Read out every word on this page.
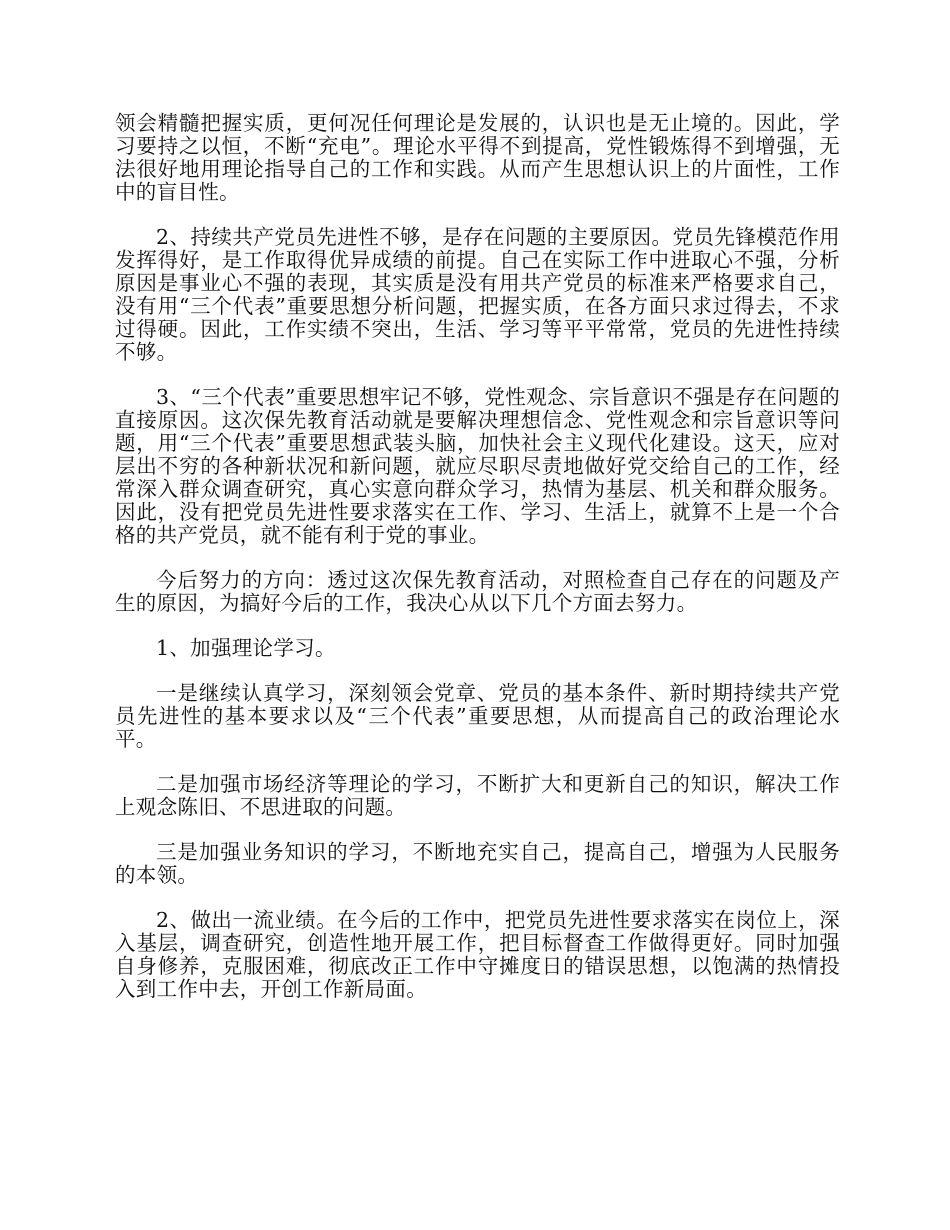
领会精髓把握实质，更何况任何理论是发展的，认识也是无止境的。因此，学习要持之以恒，不断“充电”。理论水平得不到提高，党性锻炼得不到增强，无法很好地用理论指导自己的工作和实践。从而产生思想认识上的片面性，工作中的盲目性。

2、持续共产党员先进性不够，是存在问题的主要原因。党员先锋模范作用发挥得好，是工作取得优异成绩的前提。自己在实际工作中进取心不强，分析原因是事业心不强的表现，其实质是没有用共产党员的标准来严格要求自己，没有用“三个代表”重要思想分析问题，把握实质，在各方面只求过得去，不求过得硬。因此，工作实绩不突出，生活、学习等平平常常，党员的先进性持续不够。

3、“三个代表”重要思想牢记不够，党性观念、宗旨意识不强是存在问题的直接原因。这次保先教育活动就是要解决理想信念、党性观念和宗旨意识等问题，用“三个代表”重要思想武装头脑，加快社会主义现代化建设。这天，应对层出不穷的各种新状况和新问题，就应尽职尽责地做好党交给自己的工作，经常深入群众调查研究，真心实意向群众学习，热情为基层、机关和群众服务。因此，没有把党员先进性要求落实在工作、学习、生活上，就算不上是一个合格的共产党员，就不能有利于党的事业。

今后努力的方向：透过这次保先教育活动，对照检查自己存在的问题及产生的原因，为搞好今后的工作，我决心从以下几个方面去努力。

1、加强理论学习。

一是继续认真学习，深刻领会党章、党员的基本条件、新时期持续共产党员先进性的基本要求以及“三个代表”重要思想，从而提高自己的政治理论水平。

二是加强市场经济等理论的学习，不断扩大和更新自己的知识，解决工作上观念陈旧、不思进取的问题。

三是加强业务知识的学习，不断地充实自己，提高自己，增强为人民服务的本领。

2、做出一流业绩。在今后的工作中，把党员先进性要求落实在岗位上，深入基层，调查研究，创造性地开展工作，把目标督查工作做得更好。同时加强自身修养，克服困难，彻底改正工作中守摊度日的错误思想，以饱满的热情投入到工作中去，开创工作新局面。
